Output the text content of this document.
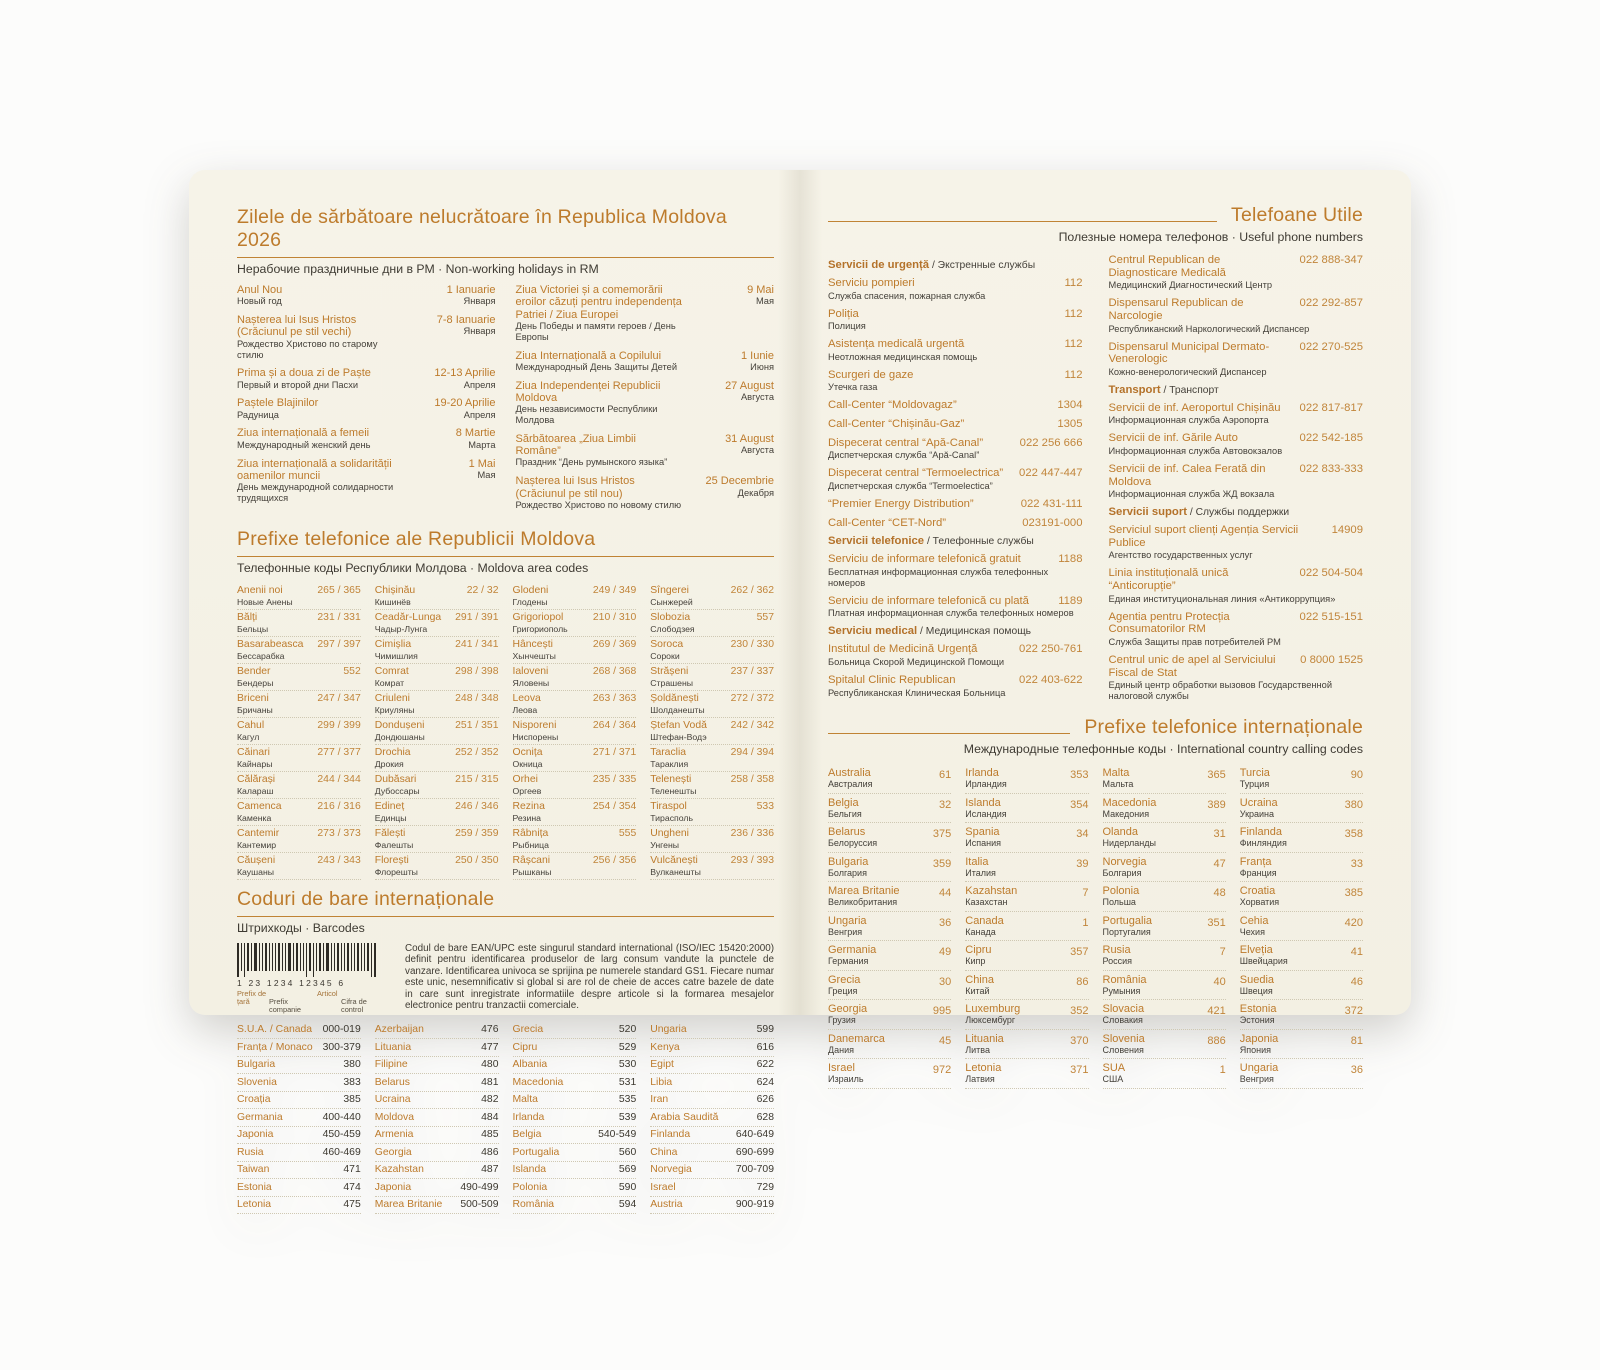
Zilele de sărbătoare nelucrătoare în Republica Moldova 2026
Нерабочие праздничные дни в РМ · Non-working holidays in RM
Anul Nou
Новый год
1 Ianuarie
Января
Nașterea lui Isus Hristos (Crăciunul pe stil vechi)
Рождество Христово по старому стилю
7-8 Ianuarie
Января
Prima și a doua zi de Paște
Первый и второй дни Пасхи
12-13 Aprilie
Апреля
Paștele Blajinilor
Радуница
19-20 Aprilie
Апреля
Ziua internațională a femeii
Международный женский день
8 Martie
Марта
Ziua internațională a solidarității oamenilor muncii
День международной солидарности трудящихся
1 Mai
Мая
Ziua Victoriei și a comemorării eroilor căzuți pentru independența Patriei / Ziua Europei
День Победы и памяти героев / День Европы
9 Mai
Мая
Ziua Internațională a Copilului
Международный День Защиты Детей
1 Iunie
Июня
Ziua Independenței Republicii Moldova
День независимости Республики Молдова
27 August
Августа
Sărbătoarea „Ziua Limbii Române”
Праздник “День румынского языка”
31 August
Августа
Nașterea lui Isus Hristos (Crăciunul pe stil nou)
Рождество Христово по новому стилю
25 Decembrie
Декабря
Prefixe telefonice ale Republicii Moldova
Телефонные коды Республики Молдова · Moldova area codes
Anenii noi	265 / 365
Новые Анены
Bălți	231 / 331
Бельцы
Basarabeasca 297 / 397
Бессарабка
Bender	552
Бендеры
Briceni	247 / 347
Бричаны
Cahul	299 / 399
Кагул
Căinari	277 / 377
Кайнары
Călărași	244 / 344
Калараш
Camenca	216 / 316
Каменка
Cantemir	273 / 373
Кантемир
Căușeni	243 / 343
Каушаны
Chișinău	22 / 32
Кишинёв
Ceadăr-Lunga 291 / 391
Чадыр-Лунга
Cimișlia	241 / 341
Чимишлия
Comrat	298 / 398
Комрат
Criuleni	248 / 348
Криуляны
Dondușeni	251 / 351
Дондюшаны
Drochia	252 / 352
Дрокия
Dubăsari	215 / 315
Дубоссары
Edineț	246 / 346
Единцы
Fălești	259 / 359
Фалешты
Florești	250 / 350
Флорешты
Glodeni	249 / 349
Глодены
Grigoriopol	210 / 310
Григориополь
Hâncești	269 / 369
Хынчешты
Ialoveni	268 / 368
Яловены
Leova	263 / 363
Леова
Nisporeni	264 / 364
Ниспорены
Ocnița	271 / 371
Окница
Orhei	235 / 335
Оргеев
Rezina	254 / 354
Резина
Râbnița	555
Рыбница
Râșcani	256 / 356
Рышканы
Sîngerei	262 / 362
Сынжерей
Slobozia	557
Слободзея
Soroca	230 / 330
Сороки
Strășeni	237 / 337
Страшены
Șoldănești	272 / 372
Шолданешты
Ștefan Vodă 242 / 342
Штефан-Водэ
Taraclia	294 / 394
Тараклия
Telenești	258 / 358
Теленешты
Tiraspol	533
Тирасполь
Ungheni	236 / 336
Унгены
Vulcănești	293 / 393
Вулканешты
Coduri de bare internaționale
Штрихкоды · Barcodes
1 23 1234 12345 6
Prefix de țară	Prefix companie
Articol
Cifra de control
Codul de bare EAN/UPC este singurul standard international (ISO/IEC 15420:2000) definit pentru identificarea produselor de larg consum vandute la punctele de vanzare. Identificarea univoca se sprijina pe numerele standard GS1. Fiecare numar este unic, nesemnificativ si global si are rol de cheie de acces catre bazele de date in care sunt inregistrate informatiile despre articole si la formarea mesajelor electronice pentru tranzactii comerciale.
S.U.A. / Canada 000-019
Franța / Monaco 300-379
Bulgaria	380
Slovenia	383
Croația	385
Germania	400-440
Japonia	450-459
Rusia	460-469
Taiwan	471
Estonia	474
Letonia	475
Azerbaijan	476
Lituania	477
Filipine	480
Belarus	481
Ucraina	482
Moldova	484
Armenia	485
Georgia	486
Kazahstan	487
Japonia	490-499
Marea Britanie 500-509
Grecia	520
Cipru	529
Albania	530
Macedonia	531
Malta	535
Irlanda	539
Belgia	540-549
Portugalia	560
Islanda	569
Polonia	590
România	594
Ungaria	599
Kenya	616
Egipt	622
Libia	624
Iran	626
Arabia Saudită	628
Finlanda	640-649
China	690-699
Norvegia	700-709
Israel	729
Austria	900-919
Telefoane Utile
Полезные номера телефонов · Useful phone numbers
Servicii de urgență / Экстренные службы
Serviciu pompieri	112
Служба спасения, пожарная служба
Poliția	112
Полиция
Asistența medicală urgentă	112
Неотложная медицинская помощь
Scurgeri de gaze	112
Утечка газа
Call-Center “Moldovagaz”	1304
Call-Center “Chișinău-Gaz”	1305
Dispecerat central “Apă-Canal”	022 256 666
Диспетчерская служба “Apă-Canal”
Dispecerat central “Termoelectrica” 022 447-447
Диспетчерская служба “Termoelectica”
“Premier Energy Distribution”	022 431-111
Call-Center “CET-Nord”	023191-000
Servicii telefonice / Телефонные службы
Serviciu de informare telefonică gratuit	1188
Бесплатная информационная служба телефонных номеров
Serviciu de informare telefonică cu plată	1189
Платная информационная служба телефонных номеров
Serviciu medical / Медицинская помощь
Institutul de Medicină Urgență	022 250-761
Больница Скорой Медицинской Помощи
Spitalul Clinic Republican	022 403-622
Республиканская Клиническая Больница
Centrul Republican de Diagnosticare Medicală
022 888-347
Медицинский Диагностический Центр
Dispensarul Republican de Narcologie
022 292-857
Республиканский Наркологический Диспансер
Dispensarul Municipal Dermato-Venerologic
022 270-525
Кожно-венерологический Диспансер
Transport / Транспорт
Servicii de inf. Aeroportul Chișinău 022 817-817
Информационная служба Аэропорта
Servicii de inf. Gările Auto	022 542-185
Информационная служба Автовокзалов
Servicii de inf. Calea Ferată din Moldova
022 833-333
Информационная служба ЖД вокзала
Servicii suport / Службы поддержки
Serviciul suport clienți Agenția Servicii Publice
14909
Агентство государственных услуг
Linia instituțională unică “Anticorupție”
022 504-504
Единая институциональная линия «Антикоррупция»
Agentia pentru Protecția Consumatorilor RM
022 515-151
Служба Защиты прав потребителей РМ
Centrul unic de apel al Serviciului Fiscal de Stat
0 8000 1525
Единый центр обработки вызовов Государственной налоговой службы
Prefixe telefonice internaționale
Международные телефонные коды · International country calling codes
Australia
Австралия
61
Belgia
Бельгия
32
Belarus
Белоруссия
375
Bulgaria
Болгария
359
Marea Britanie
Великобритания
44
Ungaria
Венгрия
36
Germania
Германия
49
Grecia
Греция
30
Georgia
Грузия
995
Danemarca
Дания
45
Israel
Израиль
972
Irlanda
Ирландия
353
Islanda
Исландия
354
Spania
Испания
34
Italia
Италия
39
Kazahstan
Казахстан
7
Canada
Канада
1
Cipru
Кипр
357
China
Китай
86
Luxemburg
Люксембург
352
Lituania
Литва
370
Letonia
Латвия
371
Malta
Мальта
365
Macedonia
Македония
389
Olanda
Нидерланды
31
Norvegia
Болгария
47
Polonia
Польша
48
Portugalia
Португалия
351
Rusia
Россия
7
România
Румыния
40
Slovacia
Словакия
421
Slovenia
Словения
886
SUA
США
1
Turcia
Турция
90
Ucraina
Украина
380
Finlanda
Финляндия
358
Franța
Франция
33
Croatia
Хорватия
385
Cehia
Чехия
420
Elveția
Швейцария
41
Suedia
Швеция
46
Estonia
Эстония
372
Japonia
Япония
81
Ungaria
Венгрия
36
